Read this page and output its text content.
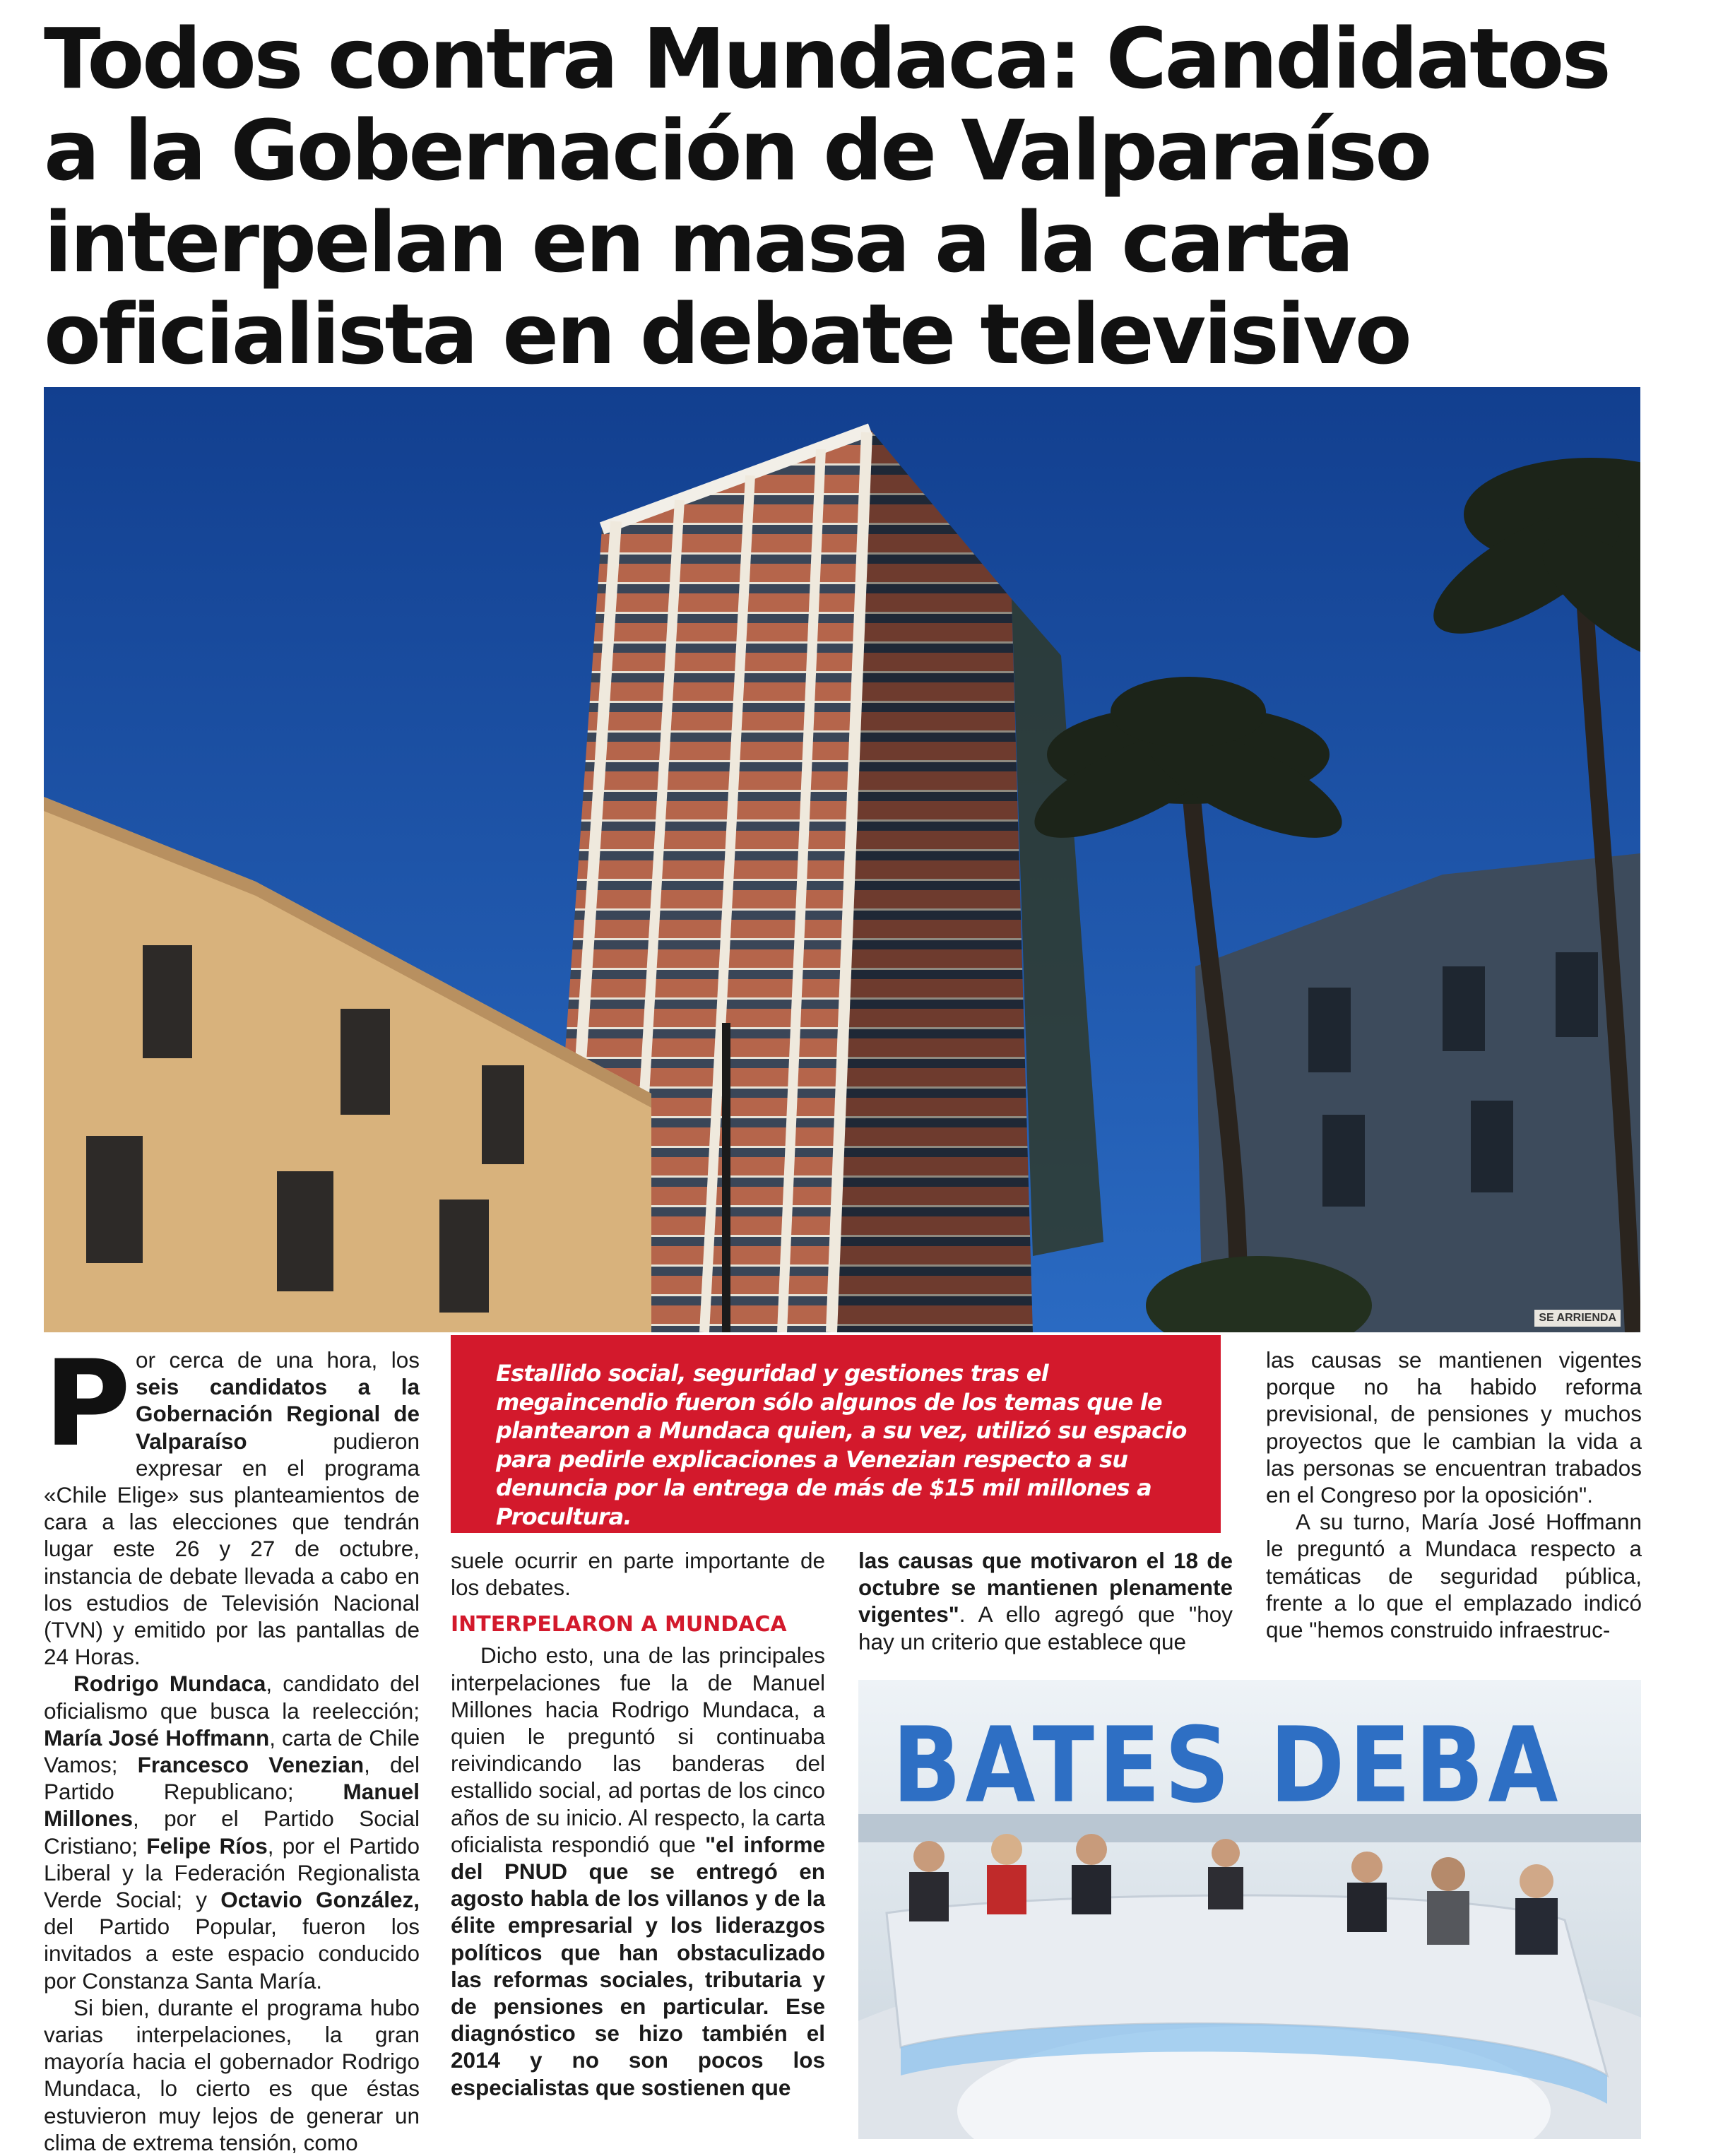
Todos contra Mundaca: Candidatos a la Gobernación de Valparaíso interpelan en masa a la carta oficialista en debate televisivo
SE ARRIENDA

Por cerca de una hora, los seis candidatos a la Gobernación Regional de Valparaíso pudieron expresar en el programa «Chile Elige» sus planteamientos de cara a las elecciones que tendrán lugar este 26 y 27 de octubre, instancia de debate llevada a cabo en los estudios de Televisión Nacional (TVN) y emitido por las pantallas de 24 Horas.

Rodrigo Mundaca, candidato del oficialismo que busca la reelección; María José Hoffmann, carta de Chile Vamos; Francesco Venezian, del Partido Republicano; Manuel Millones, por el Partido Social Cristiano; Felipe Ríos, por el Partido Liberal y la Federación Regionalista Verde Social; y Octavio González, del Partido Popular, fueron los invitados a este espacio conducido por Constanza Santa María.

Si bien, durante el programa hubo varias interpelaciones, la gran mayoría hacia el gobernador Rodrigo Mundaca, lo cierto es que éstas estuvieron muy lejos de generar un clima de extrema tensión, como

Estallido social, seguridad y gestiones tras el megaincendio fueron sólo algunos de los temas que le plantearon a Mundaca quien, a su vez, utilizó su espacio para pedirle explicaciones a Venezian respecto a su denuncia por la entrega de más de $15 mil millones a Procultura.

suele ocurrir en parte importante de los debates.

INTERPELARON A MUNDACA

Dicho esto, una de las principales interpelaciones fue la de Manuel Millones hacia Rodrigo Mundaca, a quien le preguntó si continuaba reivindicando las banderas del estallido social, ad portas de los cinco años de su inicio. Al respecto, la carta oficialista respondió que "el informe del PNUD que se entregó en agosto habla de los villanos y de la élite empresarial y los liderazgos políticos que han obstaculizado las reformas sociales, tributaria y de pensiones en particular. Ese diagnóstico se hizo también el 2014 y no son pocos los especialistas que sostienen que

las causas que motivaron el 18 de octubre se mantienen plenamente vigentes". A ello agregó que "hoy hay un criterio que establece que

las causas se mantienen vigentes porque no ha habido reforma previsional, de pensiones y muchos proyectos que le cambian la vida a las personas se encuentran trabados en el Congreso por la oposición".

A su turno, María José Hoffmann le preguntó a Mundaca respecto a temáticas de seguridad pública, frente a lo que el emplazado indicó que "hemos construido infraestruc-

BATES DEBA
